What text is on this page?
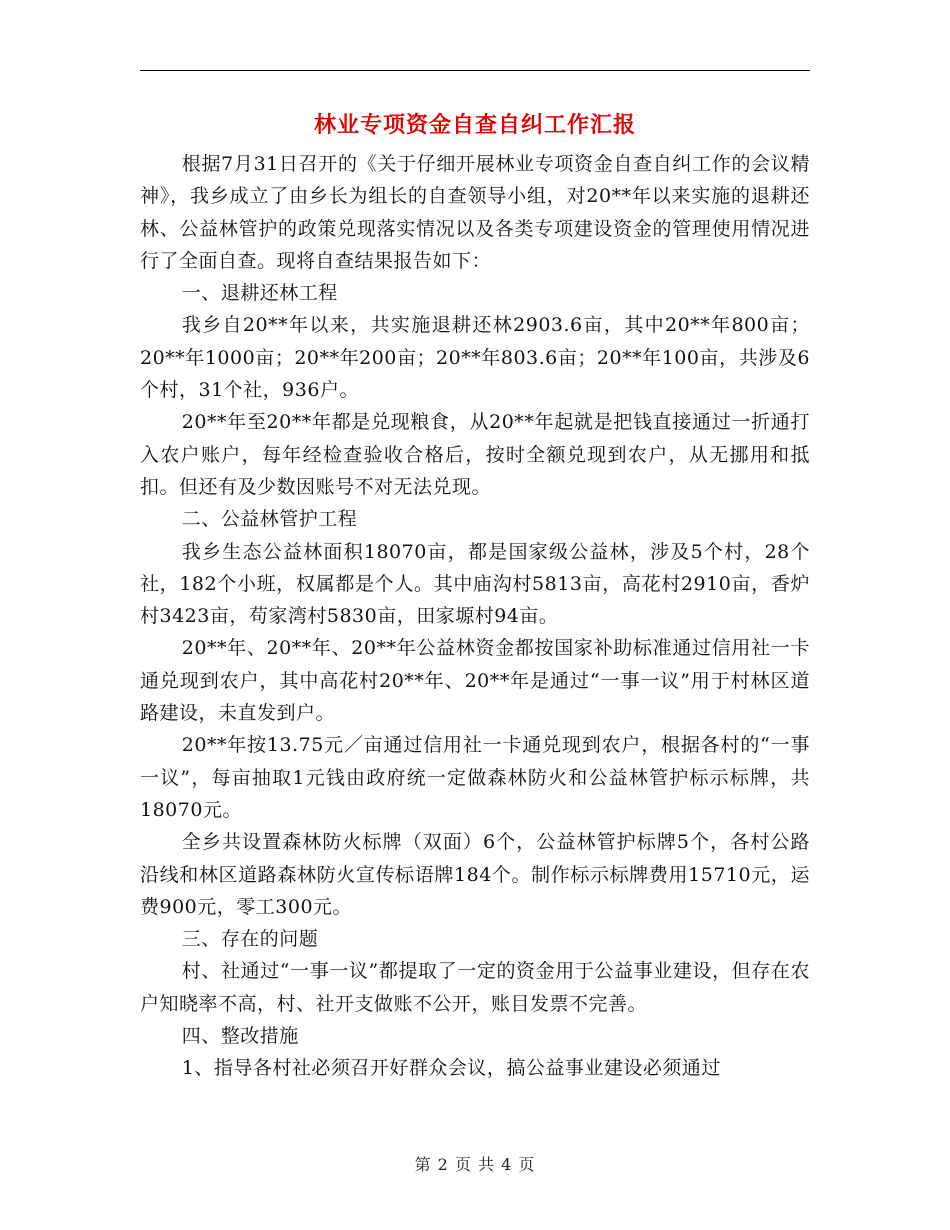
林业专项资金自查自纠工作汇报

根据7月31日召开的《关于仔细开展林业专项资金自查自纠工作的会议精神》，我乡成立了由乡长为组长的自查领导小组，对20**年以来实施的退耕还林、公益林管护的政策兑现落实情况以及各类专项建设资金的管理使用情况进行了全面自查。现将自查结果报告如下：

一、退耕还林工程

我乡自20**年以来，共实施退耕还林2903.6亩，其中20**年800亩；20**年1000亩；20**年200亩；20**年803.6亩；20**年100亩，共涉及6个村，31个社，936户。

20**年至20**年都是兑现粮食，从20**年起就是把钱直接通过一折通打入农户账户，每年经检查验收合格后，按时全额兑现到农户，从无挪用和抵扣。但还有及少数因账号不对无法兑现。

二、公益林管护工程

我乡生态公益林面积18070亩，都是国家级公益林，涉及5个村，28个社，182个小班，权属都是个人。其中庙沟村5813亩，高花村2910亩，香炉村3423亩，苟家湾村5830亩，田家塬村94亩。

20**年、20**年、20**年公益林资金都按国家补助标准通过信用社一卡通兑现到农户，其中高花村20**年、20**年是通过“一事一议”用于村林区道路建设，未直发到户。

20**年按13.75元／亩通过信用社一卡通兑现到农户，根据各村的“一事一议”，每亩抽取1元钱由政府统一定做森林防火和公益林管护标示标牌，共18070元。

全乡共设置森林防火标牌（双面）6个，公益林管护标牌5个，各村公路沿线和林区道路森林防火宣传标语牌184个。制作标示标牌费用15710元，运费900元，零工300元。

三、存在的问题

村、社通过“一事一议”都提取了一定的资金用于公益事业建设，但存在农户知晓率不高，村、社开支做账不公开，账目发票不完善。

四、整改措施

1、指导各村社必须召开好群众会议，搞公益事业建设必须通过

第 2 页 共 4 页
